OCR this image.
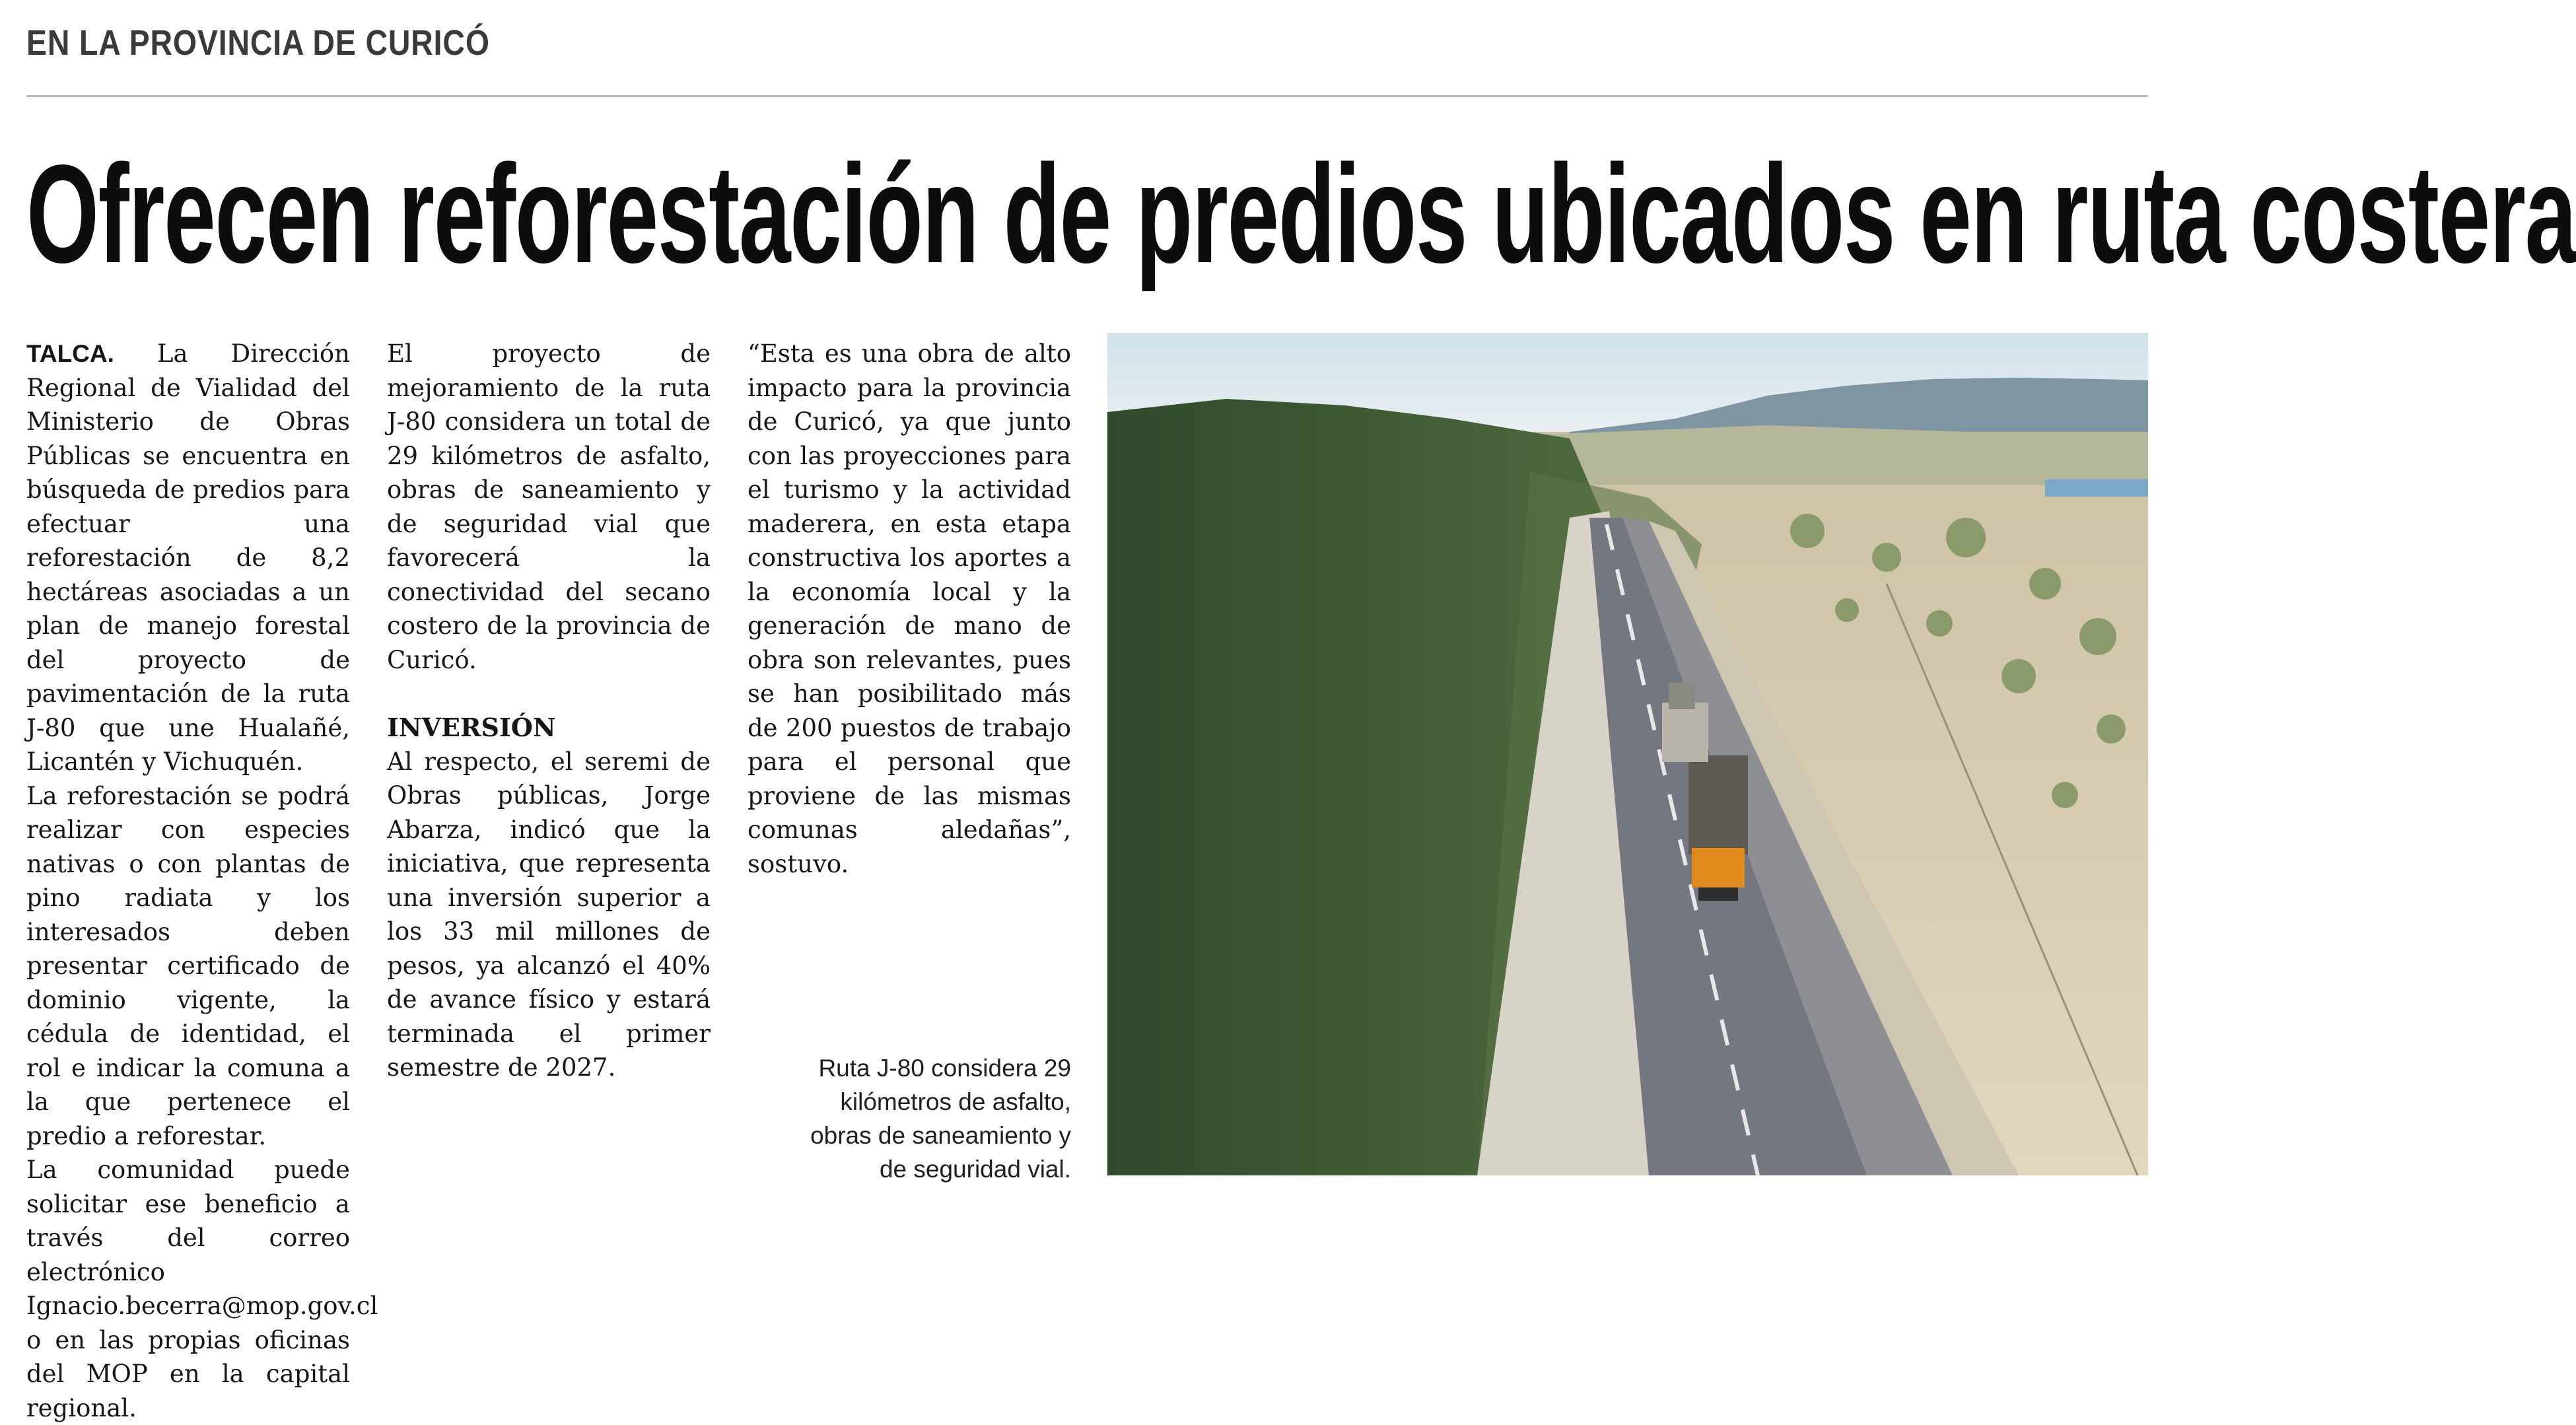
EN LA PROVINCIA DE CURICÓ
Ofrecen reforestación de predios ubicados en ruta costera

TALCA. La Dirección Regional de Vialidad del Ministerio de Obras Públicas se encuentra en búsqueda de predios para efectuar una reforestación de 8,2 hectáreas asociadas a un plan de manejo forestal del proyecto de pavimentación de la ruta J-80 que une Hualañé, Licantén y Vichuquén.

La reforestación se podrá realizar con especies nativas o con plantas de pino radiata y los interesados deben presentar certificado de dominio vigente, la cédula de identidad, el rol e indicar la comuna a la que pertenece el predio a reforestar.

La comunidad puede solicitar ese beneficio a través del correo electrónico Ignacio.becerra@mop.gov.cl o en las propias oficinas del MOP en la capital regional.

El proyecto de mejoramiento de la ruta J-80 considera un total de 29 kilómetros de asfalto, obras de saneamiento y de seguridad vial que favorecerá la conectividad del secano costero de la provincia de Curicó.

INVERSIÓN

Al respecto, el seremi de Obras públicas, Jorge Abarza, indicó que la iniciativa, que representa una inversión superior a los 33 mil millones de pesos, ya alcanzó el 40% de avance físico y estará terminada el primer semestre de 2027.

“Esta es una obra de alto impacto para la provincia de Curicó, ya que junto con las proyecciones para el turismo y la actividad maderera, en esta etapa constructiva los aportes a la economía local y la generación de mano de obra son relevantes, pues se han posibilitado más de 200 puestos de trabajo para el personal que proviene de las mismas comunas aledañas”, sostuvo.

Ruta J-80 considera 29
kilómetros de asfalto,
obras de saneamiento y
de seguridad vial.
